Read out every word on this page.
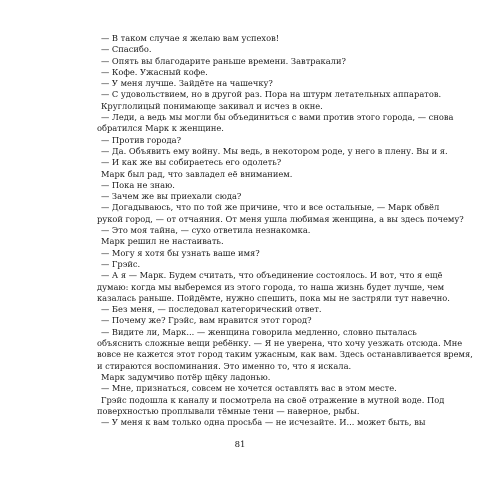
— В таком случае я желаю вам успехов!
— Спасибо.
— Опять вы благодарите раньше времени. Завтракали?
— Кофе. Ужасный кофе.
— У меня лучше. Зайдёте на чашечку?
— С удовольствием, но в другой раз. Пора на штурм летательных аппаратов.
Круглолицый понимающе закивал и исчез в окне.
— Леди, а ведь мы могли бы объединиться с вами против этого города, — снова
обратился Марк к женщине.
— Против города?
— Да. Объявить ему войну. Мы ведь, в некотором роде, у него в плену. Вы и я.
— И как же вы собираетесь его одолеть?
Марк был рад, что завладел её вниманием.
— Пока не знаю.
— Зачем же вы приехали сюда?
— Догадываюсь, что по той же причине, что и все остальные, — Марк обвёл
рукой город, — от отчаяния. От меня ушла любимая женщина, а вы здесь почему?
— Это моя тайна, — сухо ответила незнакомка.
Марк решил не настаивать.
— Могу я хотя бы узнать ваше имя?
— Грэйс.
— А я — Марк. Будем считать, что объединение состоялось. И вот, что я ещё
думаю: когда мы выберемся из этого города, то наша жизнь будет лучше, чем
казалась раньше. Пойдёмте, нужно спешить, пока мы не застряли тут навечно.
— Без меня, — последовал категорический ответ.
— Почему же? Грэйс, вам нравится этот город?
— Видите ли, Марк... — женщина говорила медленно, словно пыталась
объяснить сложные вещи ребёнку. — Я не уверена, что хочу уезжать отсюда. Мне
вовсе не кажется этот город таким ужасным, как вам. Здесь останавливается время,
и стираются воспоминания. Это именно то, что я искала.
Марк задумчиво потёр щёку ладонью.
— Мне, признаться, совсем не хочется оставлять вас в этом месте.
Грэйс подошла к каналу и посмотрела на своё отражение в мутной воде. Под
поверхностью проплывали тёмные тени — наверное, рыбы.
— У меня к вам только одна просьба — не исчезайте. И... может быть, вы
81
